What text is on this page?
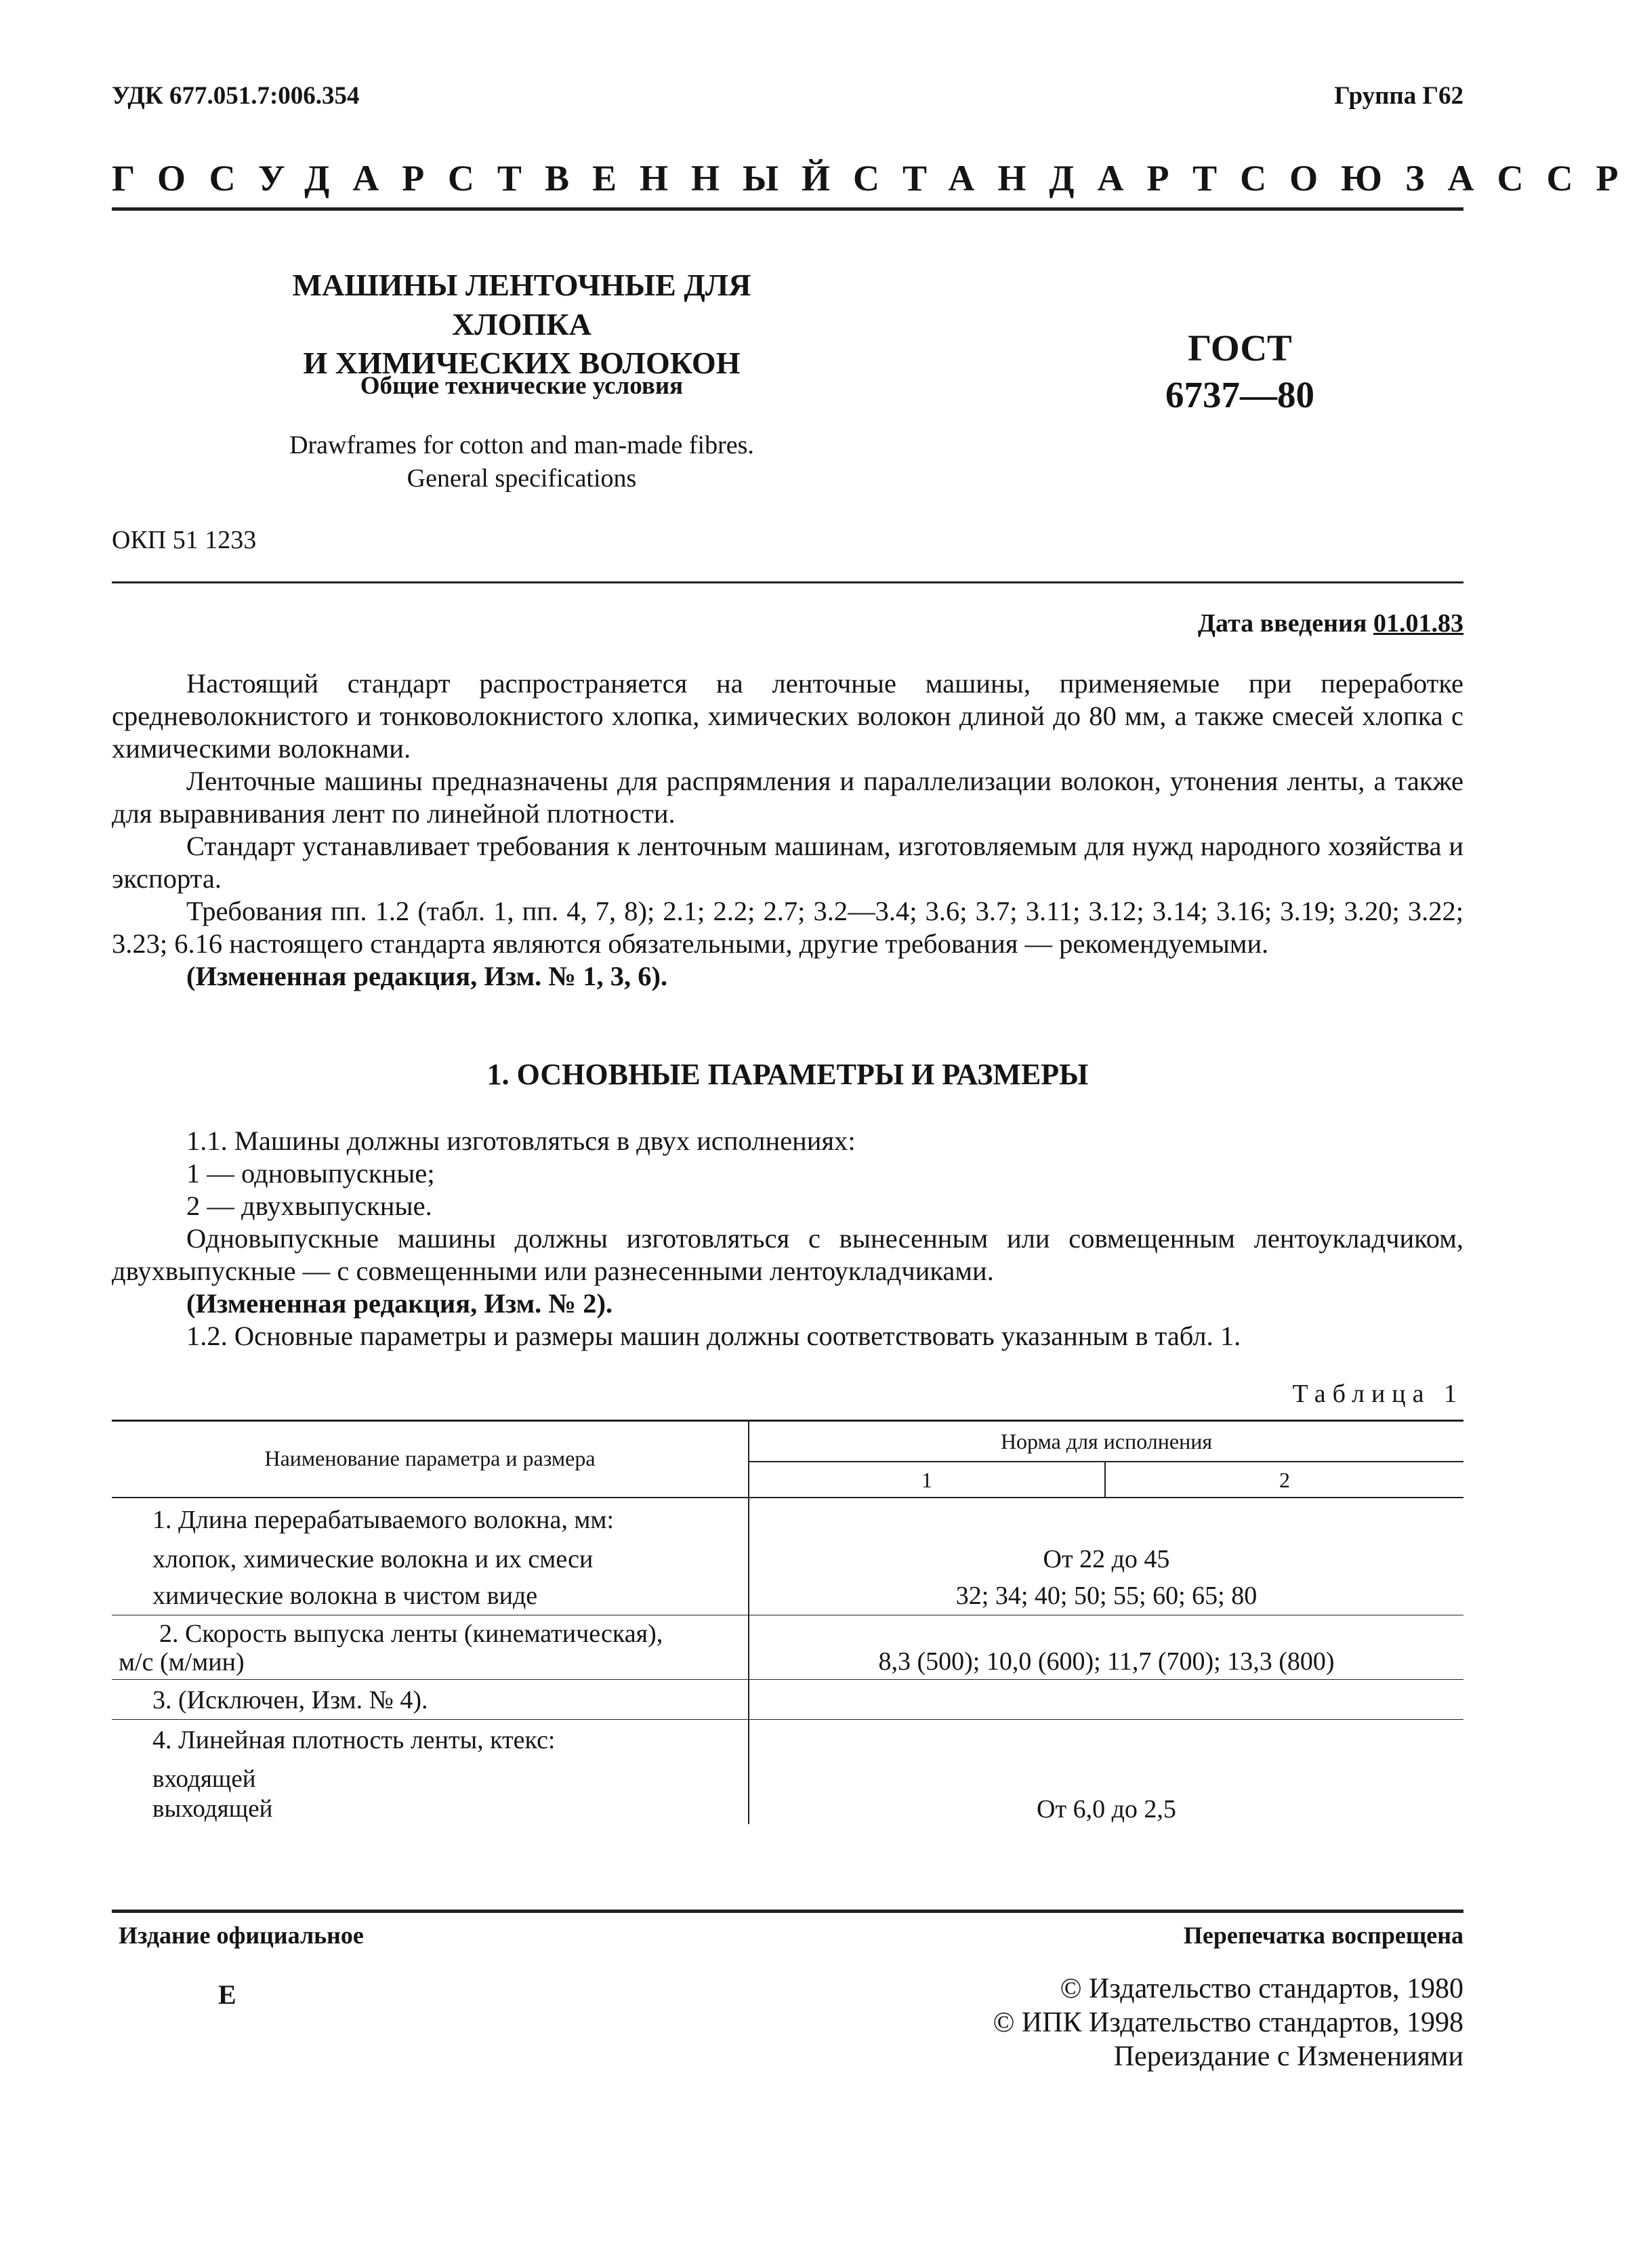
УДК 677.051.7:006.354	Группа Г62
ГОСУДАРСТВЕННЫЙ СТАНДАРТ СОЮЗА ССР
МАШИНЫ ЛЕНТОЧНЫЕ ДЛЯ ХЛОПКА
И ХИМИЧЕСКИХ ВОЛОКОН
Общие технические условия
Drawframes for cotton and man-made fibres.
General specifications
ГОСТ
6737—80
ОКП 51 1233
Дата введения 01.01.83

Настоящий стандарт распространяется на ленточные машины, применяемые при переработке средневолокнистого и тонковолокнистого хлопка, химических волокон длиной до 80 мм, а также смесей хлопка с химическими волокнами.

Ленточные машины предназначены для распрямления и параллелизации волокон, утонения ленты, а также для выравнивания лент по линейной плотности.

Стандарт устанавливает требования к ленточным машинам, изготовляемым для нужд народного хозяйства и экспорта.

Требования пп. 1.2 (табл. 1, пп. 4, 7, 8); 2.1; 2.2; 2.7; 3.2—3.4; 3.6; 3.7; 3.11; 3.12; 3.14; 3.16; 3.19; 3.20; 3.22; 3.23; 6.16 настоящего стандарта являются обязательными, другие требования — рекомендуемыми.

(Измененная редакция, Изм. № 1, 3, 6).

1. ОСНОВНЫЕ ПАРАМЕТРЫ И РАЗМЕРЫ

1.1. Машины должны изготовляться в двух исполнениях:

1 — одновыпускные;

2 — двухвыпускные.

Одновыпускные машины должны изготовляться с вынесенным или совмещенным лентоукладчиком, двухвыпускные — с совмещенными или разнесенными лентоукладчиками.

(Измененная редакция, Изм. № 2).

1.2. Основные параметры и размеры машин должны соответствовать указанным в табл. 1.

Таблица 1
Наименование параметра и размера	Норма для исполнения	
	1	2
1. Длина перерабатываемого волокна, мм:		
хлопок, химические волокна и их смеси	От 22 до 45	
химические волокна в чистом виде	32; 34; 40; 50; 55; 60; 65; 80	

2. Скорость выпуска ленты (кинематическая),
м/с (м/мин)	8,3 (500); 10,0 (600); 11,7 (700); 13,3 (800)	
3. (Исключен, Изм. № 4).		
4. Линейная плотность ленты, ктекс:		

входящей
выходящей	От 6,0 до 2,5	
Издание официальное	Перепечатка воспрещена
Е	© Издательство стандартов, 1980
© ИПК Издательство стандартов, 1998
Переиздание с Изменениями
